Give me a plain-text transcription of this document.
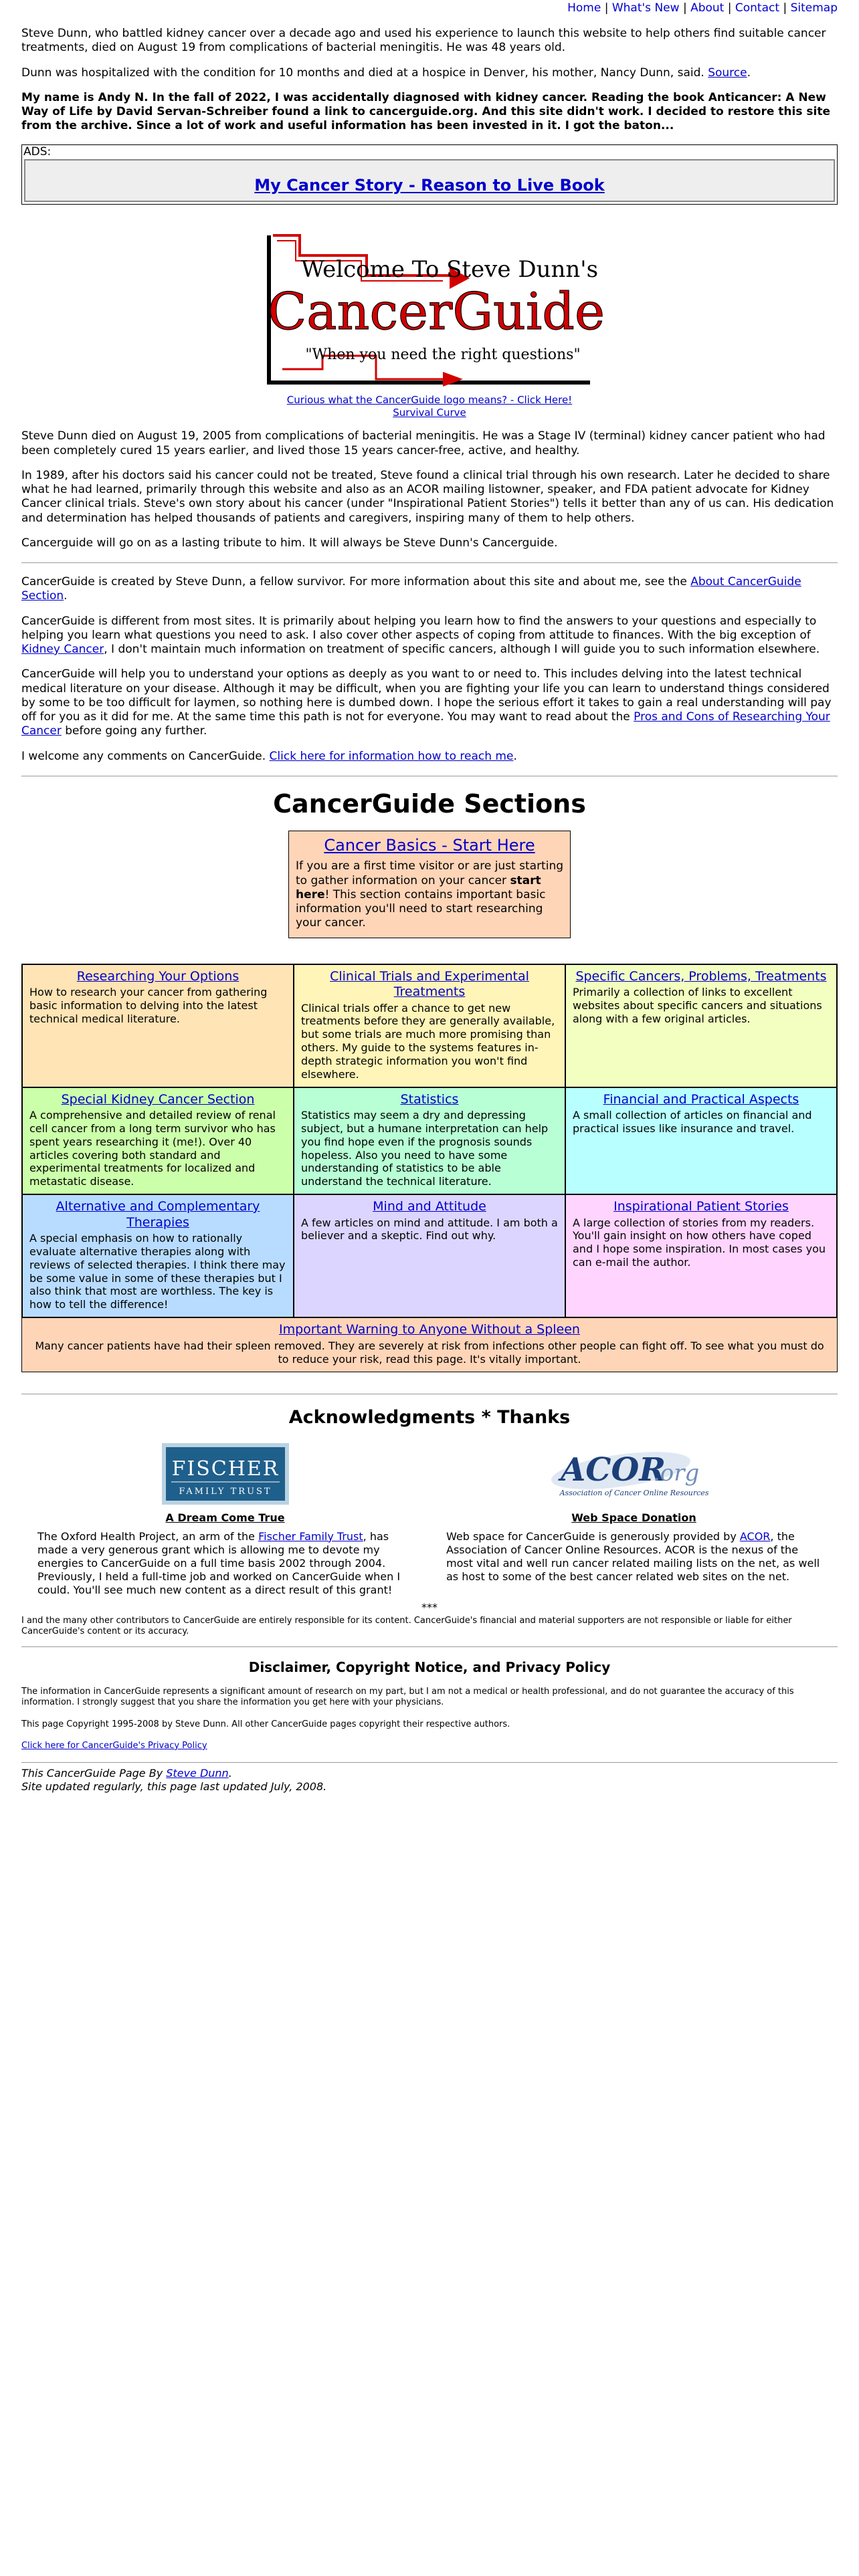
Home | What's New | About | Contact | Sitemap

Steve Dunn, who battled kidney cancer over a decade ago and used his experience to launch this website to help others find suitable cancer treatments, died on August 19 from complications of bacterial meningitis. He was 48 years old.

Dunn was hospitalized with the condition for 10 months and died at a hospice in Denver, his mother, Nancy Dunn, said. Source.

My name is Andy N. In the fall of 2022, I was accidentally diagnosed with kidney cancer. Reading the book Anticancer: A New Way of Life by David Servan-Schreiber found a link to cancerguide.org. And this site didn't work. I decided to restore this site from the archive. Since a lot of work and useful information has been invested in it. I got the baton...

ADS:
My Cancer Story - Reason to Live Book
Welcome To Steve Dunn's
CancerGuide
"When you need the right questions"
Curious what the CancerGuide logo means? - Click Here!
Survival Curve

Steve Dunn died on August 19, 2005 from complications of bacterial meningitis. He was a Stage IV (terminal) kidney cancer patient who had been completely cured 15 years earlier, and lived those 15 years cancer-free, active, and healthy.

In 1989, after his doctors said his cancer could not be treated, Steve found a clinical trial through his own research. Later he decided to share what he had learned, primarily through this website and also as an ACOR mailing listowner, speaker, and FDA patient advocate for Kidney Cancer clinical trials. Steve's own story about his cancer (under "Inspirational Patient Stories") tells it better than any of us can. His dedication and determination has helped thousands of patients and caregivers, inspiring many of them to help others.

Cancerguide will go on as a lasting tribute to him. It will always be Steve Dunn's Cancerguide.

CancerGuide is created by Steve Dunn, a fellow survivor. For more information about this site and about me, see the About CancerGuide Section.

CancerGuide is different from most sites. It is primarily about helping you learn how to find the answers to your questions and especially to helping you learn what questions you need to ask. I also cover other aspects of coping from attitude to finances. With the big exception of Kidney Cancer, I don't maintain much information on treatment of specific cancers, although I will guide you to such information elsewhere.

CancerGuide will help you to understand your options as deeply as you want to or need to. This includes delving into the latest technical medical literature on your disease. Although it may be difficult, when you are fighting your life you can learn to understand things considered by some to be too difficult for laymen, so nothing here is dumbed down. I hope the serious effort it takes to gain a real understanding will pay off for you as it did for me. At the same time this path is not for everyone. You may want to read about the Pros and Cons of Researching Your Cancer before going any further.

I welcome any comments on CancerGuide. Click here for information how to reach me.

CancerGuide Sections
Cancer Basics - Start Here
If you are a first time visitor or are just starting to gather information on your cancer start here! This section contains important basic information you'll need to start researching your cancer.
Researching Your Options
How to research your cancer from gathering basic information to delving into the latest technical medical literature.
Clinical Trials and Experimental Treatments
Clinical trials offer a chance to get new treatments before they are generally available, but some trials are much more promising than others. My guide to the systems features in-depth strategic information you won't find elsewhere.
Specific Cancers, Problems, Treatments
Primarily a collection of links to excellent websites about specific cancers and situations along with a few original articles.
Special Kidney Cancer Section
A comprehensive and detailed review of renal cell cancer from a long term survivor who has spent years researching it (me!). Over 40 articles covering both standard and experimental treatments for localized and metastatic disease.
Statistics
Statistics may seem a dry and depressing subject, but a humane interpretation can help you find hope even if the prognosis sounds hopeless. Also you need to have some understanding of statistics to be able understand the technical literature.
Financial and Practical Aspects
A small collection of articles on financial and practical issues like insurance and travel.
Alternative and Complementary Therapies
A special emphasis on how to rationally evaluate alternative therapies along with reviews of selected therapies. I think there may be some value in some of these therapies but I also think that most are worthless. The key is how to tell the difference!
Mind and Attitude
A few articles on mind and attitude. I am both a believer and a skeptic. Find out why.
Inspirational Patient Stories
A large collection of stories from my readers. You'll gain insight on how others have coped and I hope some inspiration. In most cases you can e-mail the author.
Important Warning to Anyone Without a Spleen
Many cancer patients have had their spleen removed. They are severely at risk from infections other people can fight off. To see what you must do to reduce your risk, read this page. It's vitally important.
Acknowledgments * Thanks
FISCHER
FAMILY TRUST
A Dream Come True
The Oxford Health Project, an arm of the Fischer Family Trust, has made a very generous grant which is allowing me to devote my energies to CancerGuide on a full time basis 2002 through 2004. Previously, I held a full-time job and worked on CancerGuide when I could. You'll see much new content as a direct result of this grant!
ACOR
.org
Association of Cancer Online Resources
Web Space Donation
Web space for CancerGuide is generously provided by ACOR, the Association of Cancer Online Resources. ACOR is the nexus of the most vital and well run cancer related mailing lists on the net, as well as host to some of the best cancer related web sites on the net.
***
I and the many other contributors to CancerGuide are entirely responsible for its content. CancerGuide's financial and material supporters are not responsible or liable for either CancerGuide's content or its accuracy.
Disclaimer, Copyright Notice, and Privacy Policy

The information in CancerGuide represents a significant amount of research on my part, but I am not a medical or health professional, and do not guarantee the accuracy of this information. I strongly suggest that you share the information you get here with your physicians.

This page Copyright 1995-2008 by Steve Dunn. All other CancerGuide pages copyright their respective authors.

Click here for CancerGuide's Privacy Policy

This CancerGuide Page By Steve Dunn.
Site updated regularly, this page last updated July, 2008.
